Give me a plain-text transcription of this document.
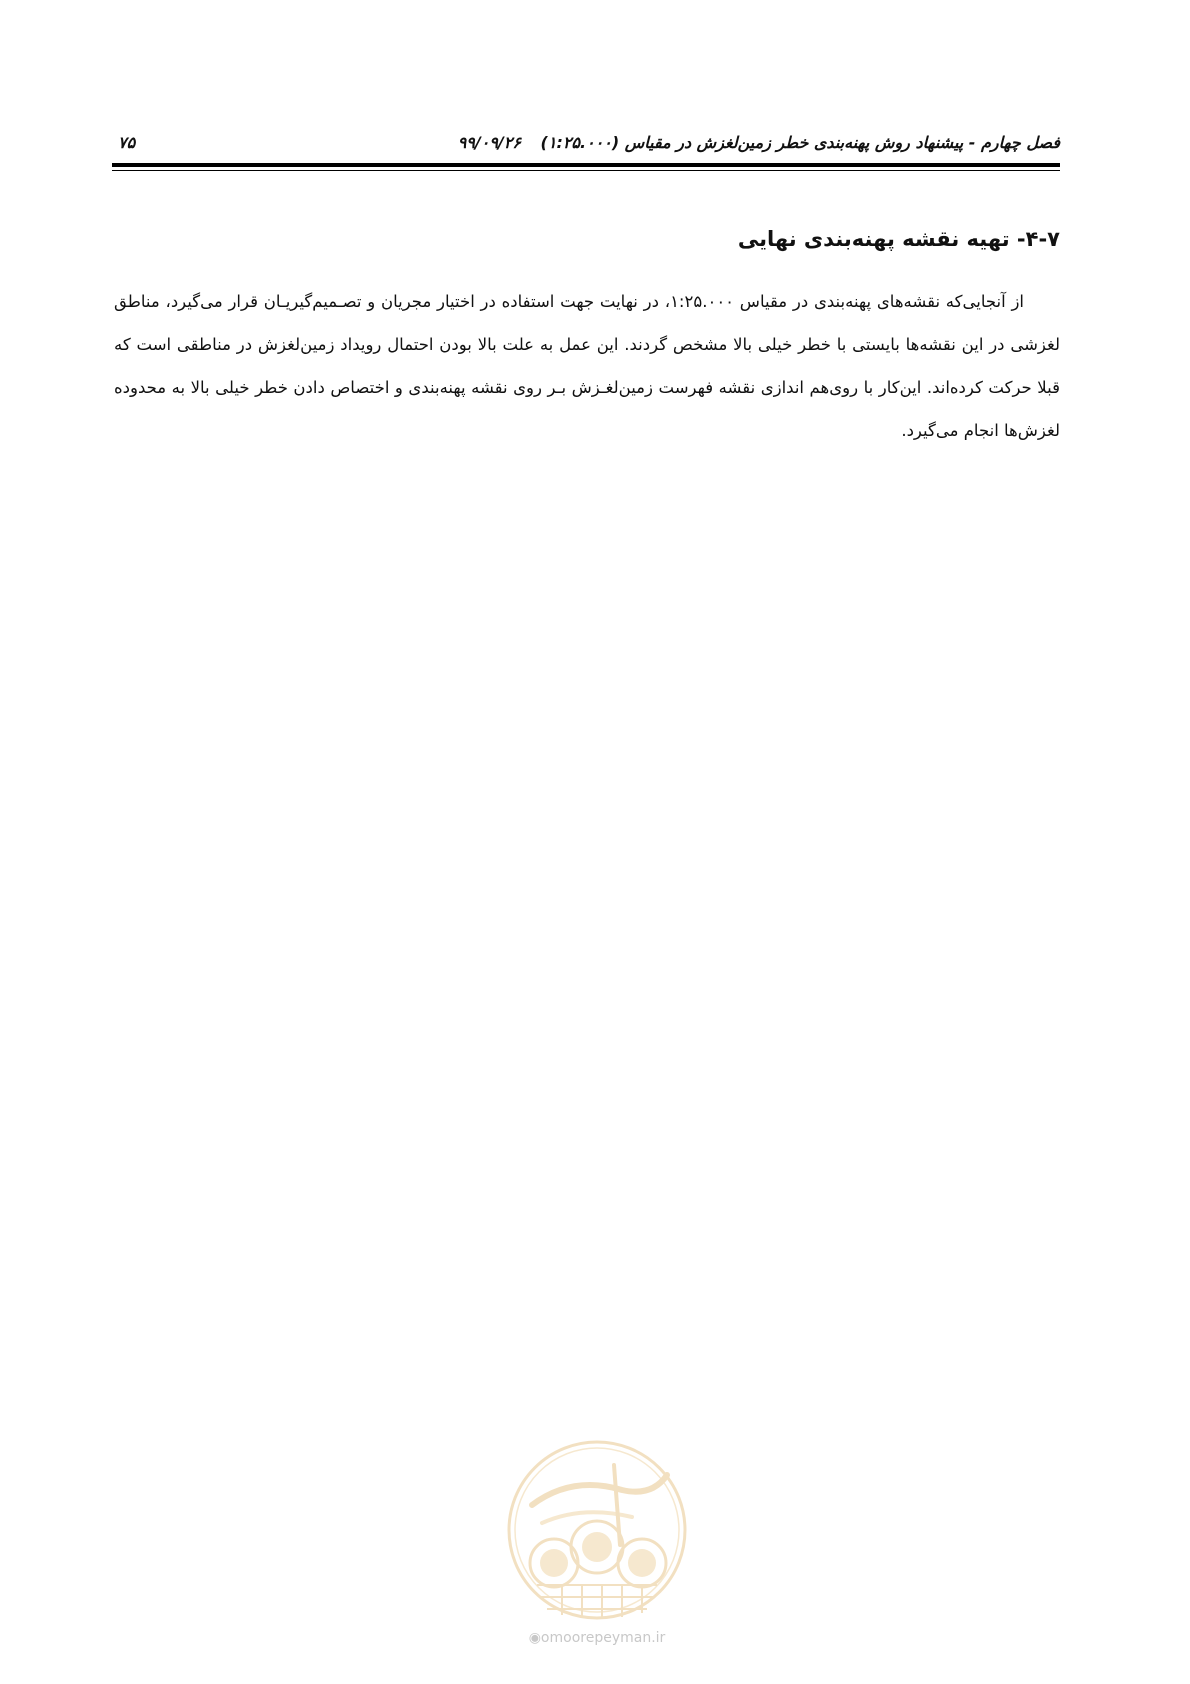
فصل چهارم - پیشنهاد روش پهنه‌بندی خطر زمین‌لغزش در مقیاس (۱:۲۵.۰۰۰) ۹۹/۰۹/۲۶
۷۵
۴-۷- تهیه نقشه پهنه‌بندی نهایی

از آنجایی‌که نقشه‌های پهنه‌بندی در مقیاس ۱:۲۵.۰۰۰، در نهایت جهت استفاده در اختیار مجریان و تصـمیم‌گیریـان قرار می‌گیرد، مناطق لغزشی در این نقشه‌ها بایستی با خطر خیلی بالا مشخص گردند. این عمل به علت بالا بودن احتمال رویداد زمین‌لغزش در مناطقی است که قبلا حرکت کرده‌اند. این‌کار با روی‌هم اندازی نقشه فهرست زمین‌لغـزش بـر روی نقشه پهنه‌بندی و اختصاص دادن خطر خیلی بالا به محدوده لغزش‌ها انجام می‌گیرد.

◉omoorepeyman.ir
